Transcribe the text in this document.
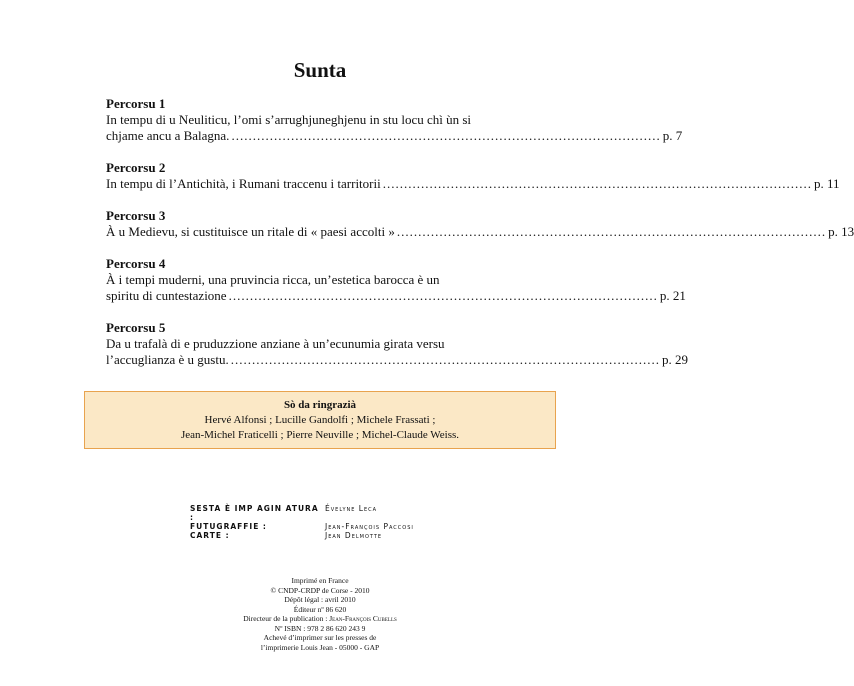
Sunta
Percorsu 1
In tempu di u Neuliticu, l’omi s’arrughjuneghjenu in stu locu chì ùn si
chjame ancu a Balagna. ..................................................................................................... p. 7
Percorsu 2
In tempu di l’Antichità, i Rumani traccenu i tarritorii ..................................................................................................... p. 11
Percorsu 3
À u Medievu, si custituisce un ritale di « paesi accolti » ..................................................................................................... p. 13
Percorsu 4
À i tempi muderni, una pruvincia ricca, un’estetica barocca è un
spiritu di cuntestazione ..................................................................................................... p. 21
Percorsu 5
Da u trafalà di e pruduzzione anziane à un’ecunumia girata versu
l’accuglianza è u gustu. ..................................................................................................... p. 29
Sò da ringrazià
Hervé Alfonsi ; Lucille Gandolfi ; Michele Frassati ;
Jean-Michel Fraticelli ; Pierre Neuville ; Michel-Claude Weiss.
SESTA È IMP AGIN ATURA :
Évelyne Leca
FUTUGRAFFIE :	Jean-François Paccosi
CARTE :	Jean Delmotte
Imprimé en France
© CNDP-CRDP de Corse - 2010
Dépôt légal : avril 2010
Éditeur nº 86 620
Directeur de la publication : Jean-François Cubells
Nº ISBN : 978 2 86 620 243 9
Achevé d’imprimer sur les presses de
l’imprimerie Louis Jean - 05000 - GAP
